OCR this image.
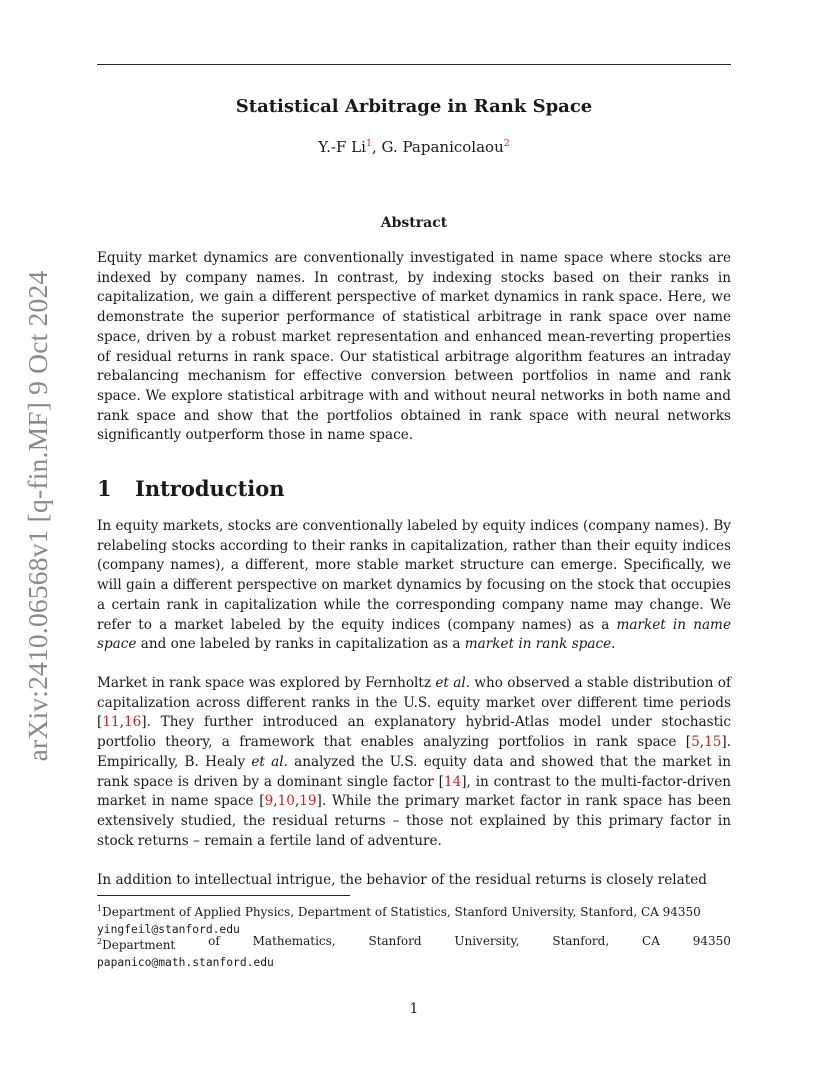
arXiv:2410.06568v1 [q-fin.MF] 9 Oct 2024
Statistical Arbitrage in Rank Space
Y.-F Li$^1$, G. Papanicolaou$^2$
Abstract

Equity market dynamics are conventionally investigated in name space where stocks are indexed by company names. In contrast, by indexing stocks based on their ranks in capitalization, we gain a different perspective of market dynamics in rank space. Here, we demonstrate the superior performance of statistical arbitrage in rank space over name space, driven by a robust market representation and enhanced mean-reverting properties of residual returns in rank space. Our statistical arbitrage algorithm features an intraday rebalancing mechanism for effective conversion between portfolios in name and rank space. We explore statistical arbitrage with and without neural networks in both name and rank space and show that the portfolios obtained in rank space with neural networks significantly outperform those in name space.

1 Introduction

In equity markets, stocks are conventionally labeled by equity indices (company names). By relabeling stocks according to their ranks in capitalization, rather than their equity indices (company names), a different, more stable market structure can emerge. Specifically, we will gain a different perspective on market dynamics by focusing on the stock that occupies a certain rank in capitalization while the corresponding company name may change. We refer to a market labeled by the equity indices (company names) as a market in name space and one labeled by ranks in capitalization as a market in rank space.

Market in rank space was explored by Fernholtz et al. who observed a stable distribution of capitalization across different ranks in the U.S. equity market over different time periods [11,16]. They further introduced an explanatory hybrid-Atlas model under stochastic portfolio theory, a framework that enables analyzing portfolios in rank space [5,15]. Empirically, B. Healy et al. analyzed the U.S. equity data and showed that the market in rank space is driven by a dominant single factor [14], in contrast to the multi-factor-driven market in name space [9,10,19]. While the primary market factor in rank space has been extensively studied, the residual returns – those not explained by this primary factor in stock returns – remain a fertile land of adventure.

In addition to intellectual intrigue, the behavior of the residual returns is closely related

$^1$Department of Applied Physics, Department of Statistics, Stanford University, Stanford, CA 94350
yingfeil@stanford.edu
$^2$Department	of	Mathematics,	Stanford	University,	Stanford,	CA	94350
papanico@math.stanford.edu
1
